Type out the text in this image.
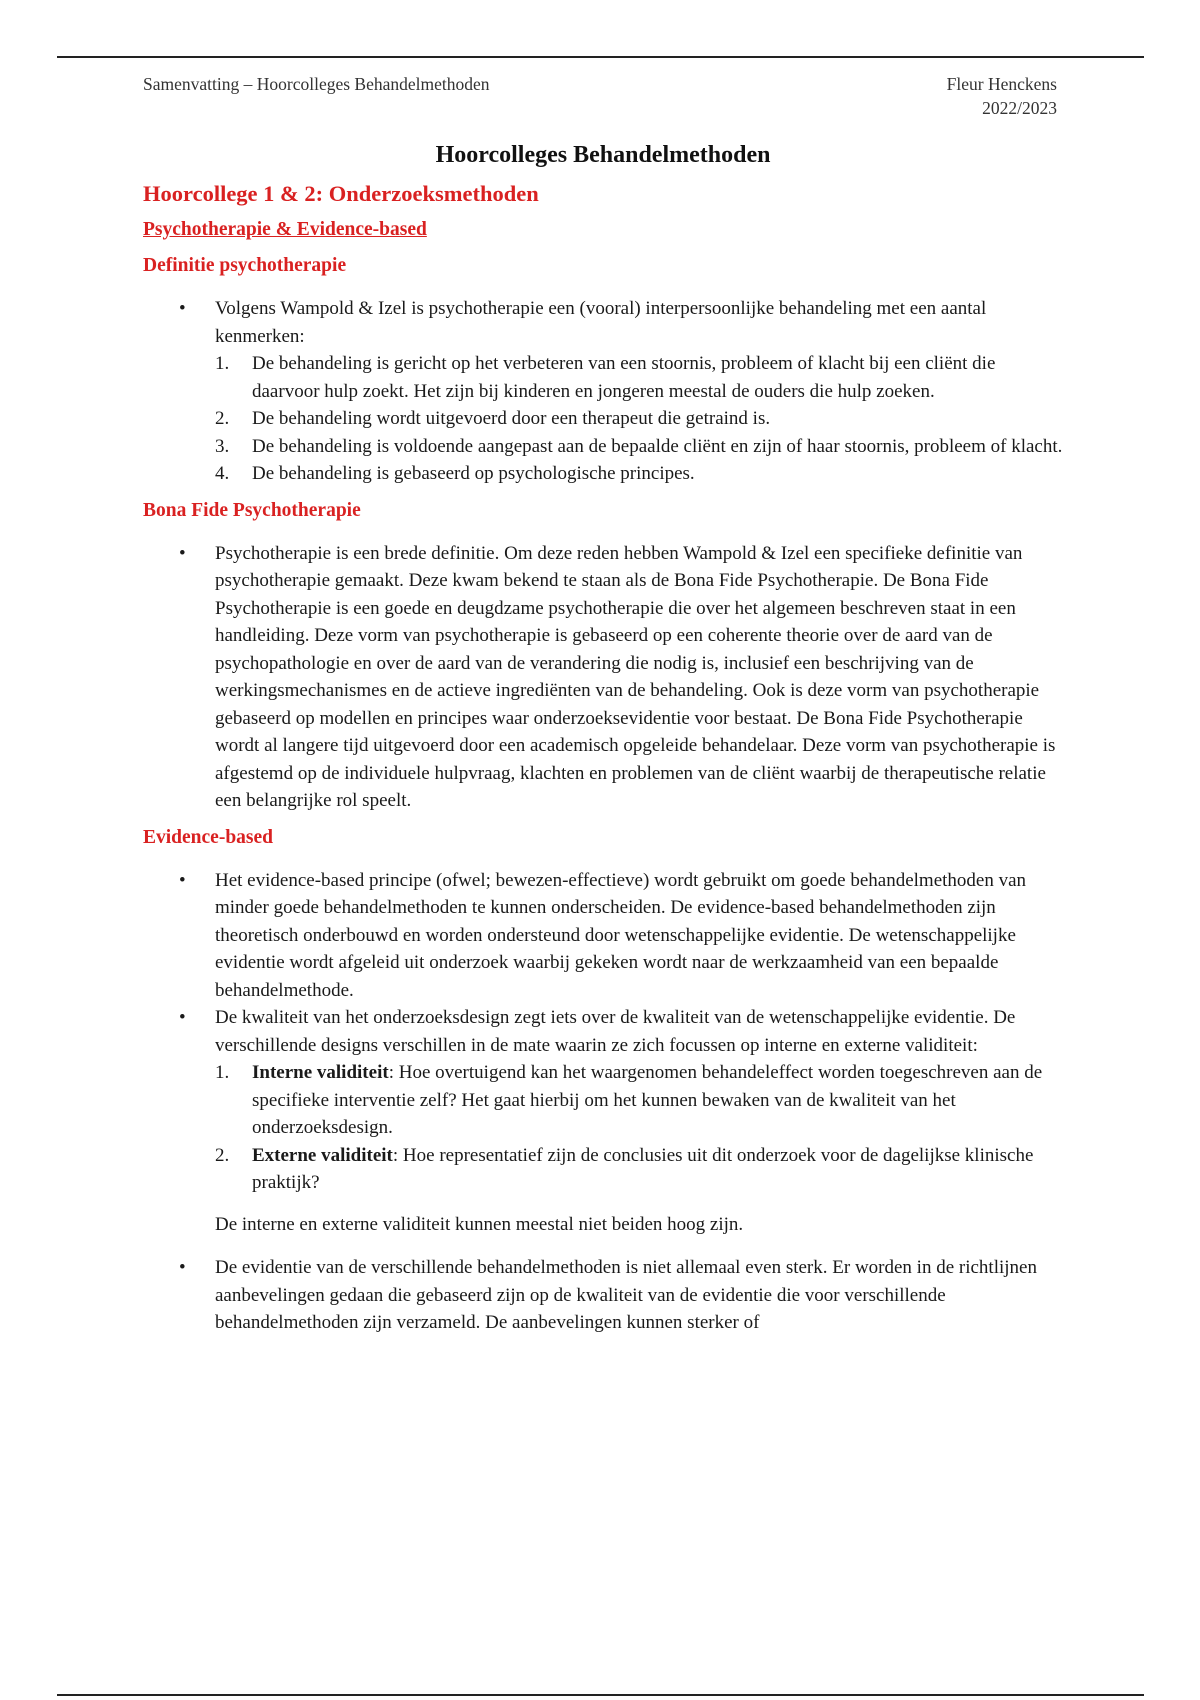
Samenvatting – Hoorcolleges Behandelmethoden	Fleur Henckens
2022/2023
Hoorcolleges Behandelmethoden
Hoorcollege 1 & 2: Onderzoeksmethoden
Psychotherapie & Evidence-based
Definitie psychotherapie
• Volgens Wampold & Izel is psychotherapie een (vooral) interpersoonlijke behandeling met een aantal kenmerken:
1. De behandeling is gericht op het verbeteren van een stoornis, probleem of klacht bij een cliënt die daarvoor hulp zoekt. Het zijn bij kinderen en jongeren meestal de ouders die hulp zoeken.
2. De behandeling wordt uitgevoerd door een therapeut die getraind is.
3. De behandeling is voldoende aangepast aan de bepaalde cliënt en zijn of haar stoornis, probleem of klacht.
4. De behandeling is gebaseerd op psychologische principes.
Bona Fide Psychotherapie
• Psychotherapie is een brede definitie. Om deze reden hebben Wampold & Izel een specifieke definitie van psychotherapie gemaakt. Deze kwam bekend te staan als de Bona Fide Psychotherapie. De Bona Fide Psychotherapie is een goede en deugdzame psychotherapie die over het algemeen beschreven staat in een handleiding. Deze vorm van psychotherapie is gebaseerd op een coherente theorie over de aard van de psychopathologie en over de aard van de verandering die nodig is, inclusief een beschrijving van de werkingsmechanismes en de actieve ingrediënten van de behandeling. Ook is deze vorm van psychotherapie gebaseerd op modellen en principes waar onderzoeksevidentie voor bestaat. De Bona Fide Psychotherapie wordt al langere tijd uitgevoerd door een academisch opgeleide behandelaar. Deze vorm van psychotherapie is afgestemd op de individuele hulpvraag, klachten en problemen van de cliënt waarbij de therapeutische relatie een belangrijke rol speelt.
Evidence-based
• Het evidence-based principe (ofwel; bewezen-effectieve) wordt gebruikt om goede behandelmethoden van minder goede behandelmethoden te kunnen onderscheiden. De evidence-based behandelmethoden zijn theoretisch onderbouwd en worden ondersteund door wetenschappelijke evidentie. De wetenschappelijke evidentie wordt afgeleid uit onderzoek waarbij gekeken wordt naar de werkzaamheid van een bepaalde behandelmethode.
• De kwaliteit van het onderzoeksdesign zegt iets over de kwaliteit van de wetenschappelijke evidentie. De verschillende designs verschillen in de mate waarin ze zich focussen op interne en externe validiteit:
1. Interne validiteit: Hoe overtuigend kan het waargenomen behandeleffect worden toegeschreven aan de specifieke interventie zelf? Het gaat hierbij om het kunnen bewaken van de kwaliteit van het onderzoeksdesign.
2. Externe validiteit: Hoe representatief zijn de conclusies uit dit onderzoek voor de dagelijkse klinische praktijk?
De interne en externe validiteit kunnen meestal niet beiden hoog zijn.
• De evidentie van de verschillende behandelmethoden is niet allemaal even sterk. Er worden in de richtlijnen aanbevelingen gedaan die gebaseerd zijn op de kwaliteit van de evidentie die voor verschillende behandelmethoden zijn verzameld. De aanbevelingen kunnen sterker of
